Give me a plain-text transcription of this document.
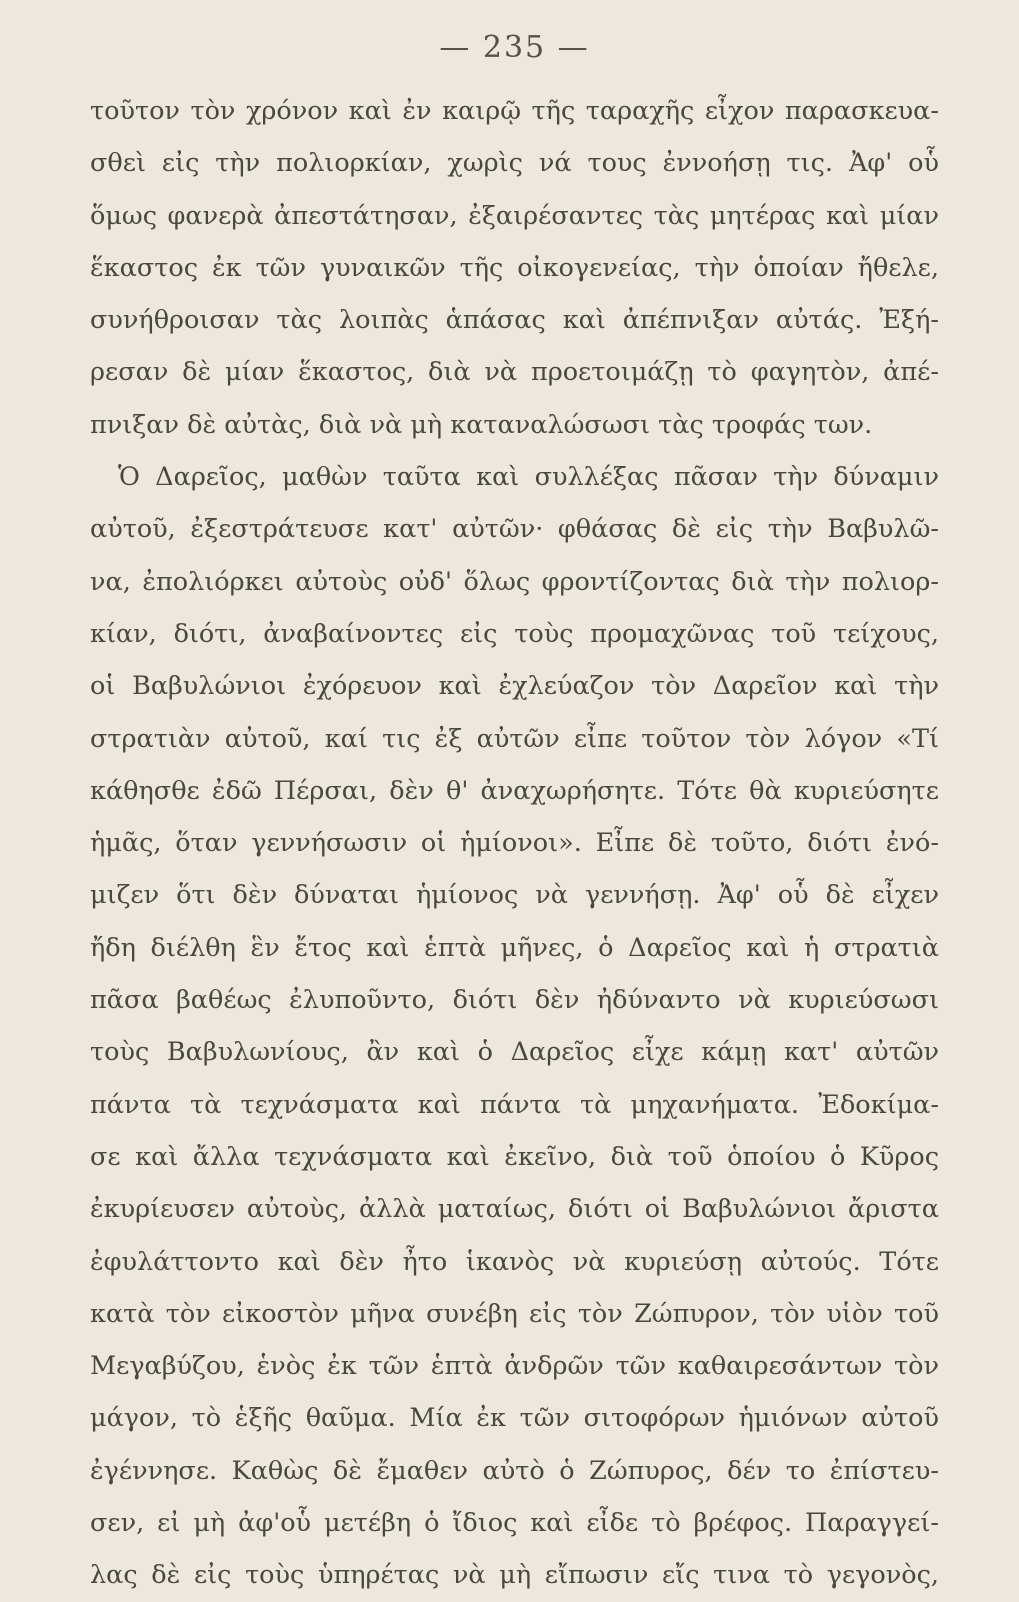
— 235 —
τοῦτον τὸν χρόνον καὶ ἐν καιρῷ τῆς ταραχῆς εἶχον παρασκευα-
σθεὶ εἰς τὴν πολιορκίαν, χωρὶς νά τους ἐννοήσῃ τις. Ἀφ' οὗ
ὅμως φανερὰ ἀπεστάτησαν, ἐξαιρέσαντες τὰς μητέρας καὶ μίαν
ἕκαστος ἐκ τῶν γυναικῶν τῆς οἰκογενείας, τὴν ὁποίαν ἤθελε,
συνήθροισαν τὰς λοιπὰς ἁπάσας καὶ ἀπέπνιξαν αὐτάς. Ἐξή-
ρεσαν δὲ μίαν ἕκαστος, διὰ νὰ προετοιμάζῃ τὸ φαγητὸν, ἀπέ-
πνιξαν δὲ αὐτὰς, διὰ νὰ μὴ καταναλώσωσι τὰς τροφάς των.
Ὁ Δαρεῖος, μαθὼν ταῦτα καὶ συλλέξας πᾶσαν τὴν δύναμιν
αὐτοῦ, ἐξεστράτευσε κατ' αὐτῶν· φθάσας δὲ εἰς τὴν Βαβυλῶ-
να, ἐπολιόρκει αὐτοὺς οὐδ' ὅλως φροντίζοντας διὰ τὴν πολιορ-
κίαν, διότι, ἀναβαίνοντες εἰς τοὺς προμαχῶνας τοῦ τείχους,
οἱ Βαβυλώνιοι ἐχόρευον καὶ ἐχλεύαζον τὸν Δαρεῖον καὶ τὴν
στρατιὰν αὐτοῦ, καί τις ἐξ αὐτῶν εἶπε τοῦτον τὸν λόγον «Τί
κάθησθε ἐδῶ Πέρσαι, δὲν θ' ἀναχωρήσητε. Τότε θὰ κυριεύσητε
ἡμᾶς, ὅταν γεννήσωσιν οἱ ἡμίονοι». Εἶπε δὲ τοῦτο, διότι ἐνό-
μιζεν ὅτι δὲν δύναται ἡμίονος νὰ γεννήσῃ. Ἀφ' οὗ δὲ εἶχεν
ἤδη διέλθη ἓν ἔτος καὶ ἑπτὰ μῆνες, ὁ Δαρεῖος καὶ ἡ στρατιὰ
πᾶσα βαθέως ἐλυποῦντο, διότι δὲν ἠδύναντο νὰ κυριεύσωσι
τοὺς Βαβυλωνίους, ἂν καὶ ὁ Δαρεῖος εἶχε κάμῃ κατ' αὐτῶν
πάντα τὰ τεχνάσματα καὶ πάντα τὰ μηχανήματα. Ἐδοκίμα-
σε καὶ ἄλλα τεχνάσματα καὶ ἐκεῖνο, διὰ τοῦ ὁποίου ὁ Κῦρος
ἐκυρίευσεν αὐτοὺς, ἀλλὰ ματαίως, διότι οἱ Βαβυλώνιοι ἄριστα
ἐφυλάττοντο καὶ δὲν ἦτο ἱκανὸς νὰ κυριεύσῃ αὐτούς. Τότε
κατὰ τὸν εἰκοστὸν μῆνα συνέβη εἰς τὸν Ζώπυρον, τὸν υἱὸν τοῦ
Μεγαβύζου, ἑνὸς ἐκ τῶν ἑπτὰ ἀνδρῶν τῶν καθαιρεσάντων τὸν
μάγον, τὸ ἑξῆς θαῦμα. Μία ἐκ τῶν σιτοφόρων ἡμιόνων αὐτοῦ
ἐγέννησε. Καθὼς δὲ ἔμαθεν αὐτὸ ὁ Ζώπυρος, δέν το ἐπίστευ-
σεν, εἰ μὴ ἀφ'οὗ μετέβη ὁ ἴδιος καὶ εἶδε τὸ βρέφος. Παραγγεί-
λας δὲ εἰς τοὺς ὑπηρέτας νὰ μὴ εἴπωσιν εἴς τινα τὸ γεγονὸς,
